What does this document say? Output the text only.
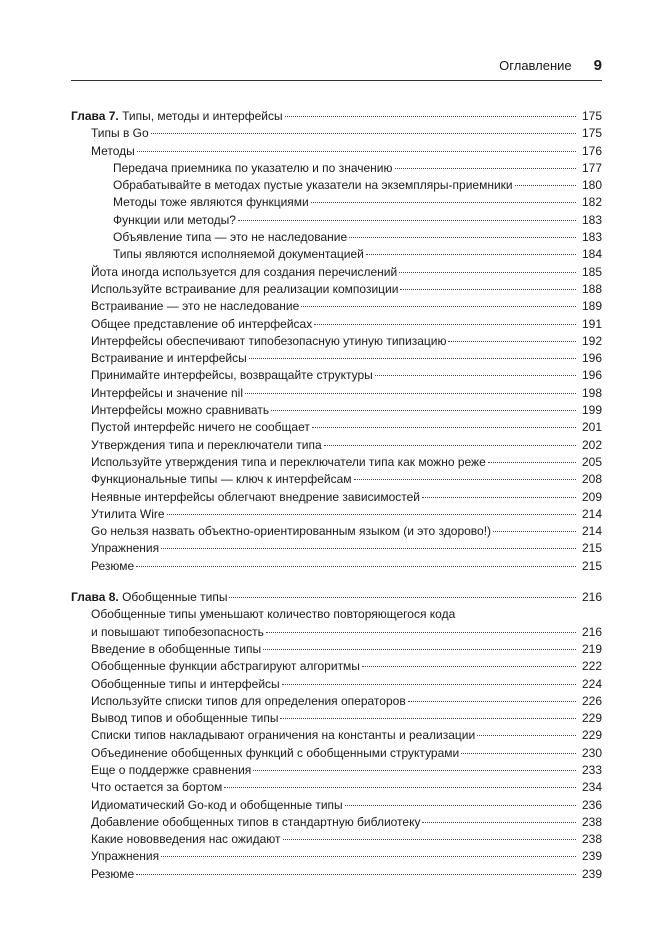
Оглавление 9
Глава 7. Типы, методы и интерфейсы	175
Типы в Go	175
Методы	176
Передача приемника по указателю и по значению	177
Обрабатывайте в методах пустые указатели на экземпляры-приемники	180
Методы тоже являются функциями	182
Функции или методы?	183
Объявление типа — это не наследование	183
Типы являются исполняемой документацией	184
Йота иногда используется для создания перечислений	185
Используйте встраивание для реализации композиции	188
Встраивание — это не наследование	189
Общее представление об интерфейсах	191
Интерфейсы обеспечивают типобезопасную утиную типизацию	192
Встраивание и интерфейсы	196
Принимайте интерфейсы, возвращайте структуры	196
Интерфейсы и значение nil	198
Интерфейсы можно сравнивать	199
Пустой интерфейс ничего не сообщает	201
Утверждения типа и переключатели типа	202
Используйте утверждения типа и переключатели типа как можно реже	205
Функциональные типы — ключ к интерфейсам	208
Неявные интерфейсы облегчают внедрение зависимостей	209
Утилита Wire	214
Go нельзя назвать объектно-ориентированным языком (и это здорово!)	214
Упражнения	215
Резюме	215
Глава 8. Обобщенные типы	216
Обобщенные типы уменьшают количество повторяющегося кода
и повышают типобезопасность	216
Введение в обобщенные типы	219
Обобщенные функции абстрагируют алгоритмы	222
Обобщенные типы и интерфейсы	224
Используйте списки типов для определения операторов	226
Вывод типов и обобщенные типы	229
Списки типов накладывают ограничения на константы и реализации	229
Объединение обобщенных функций с обобщенными структурами	230
Еще о поддержке сравнения	233
Что остается за бортом	234
Идиоматический Go-код и обобщенные типы	236
Добавление обобщенных типов в стандартную библиотеку	238
Какие нововведения нас ожидают	238
Упражнения	239
Резюме	239
